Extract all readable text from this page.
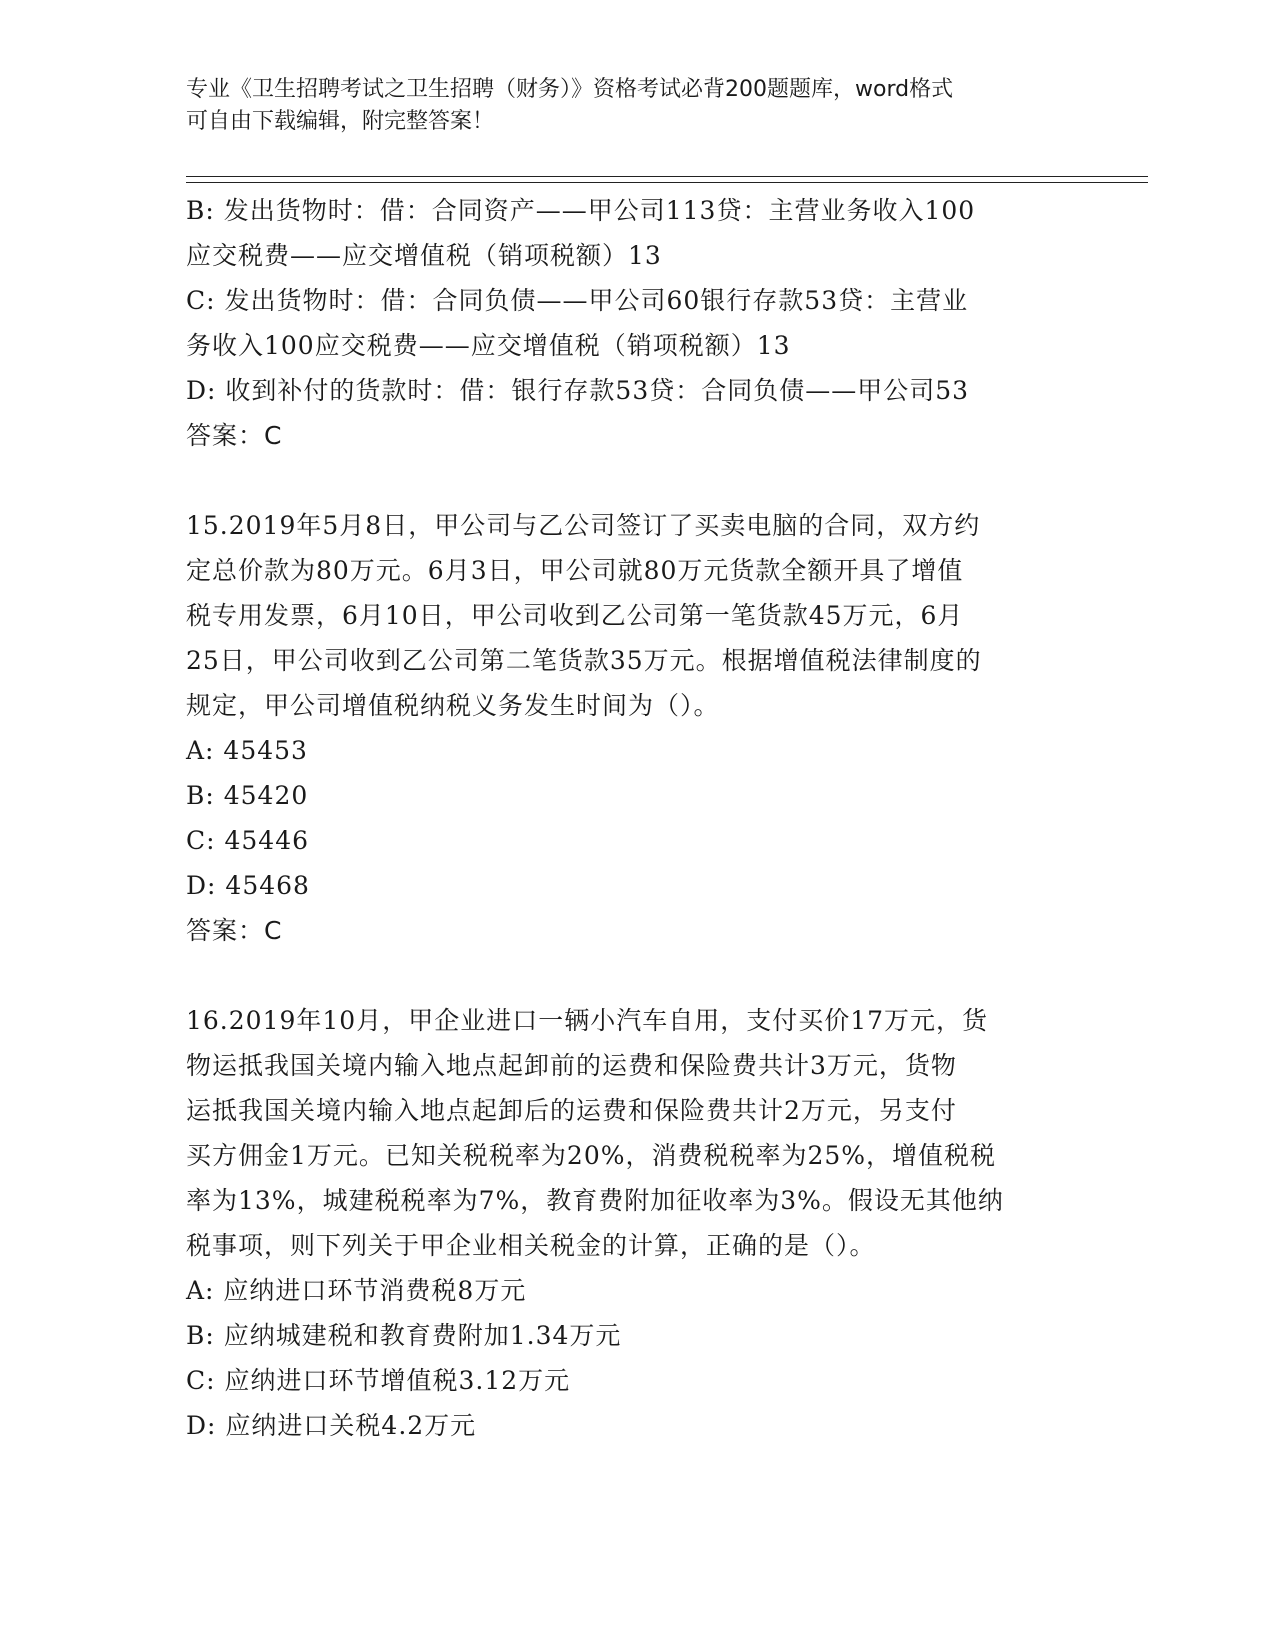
专业《卫生招聘考试之卫生招聘（财务）》资格考试必背200题题库，word格式
可自由下载编辑，附完整答案！
B: 发出货物时：借：合同资产——甲公司113贷：主营业务收入100
应交税费——应交增值税（销项税额）13
C: 发出货物时：借：合同负债——甲公司60银行存款53贷：主营业
务收入100应交税费——应交增值税（销项税额）13
D: 收到补付的货款时：借：银行存款53贷：合同负债——甲公司53
答案：C
15.2019年5月8日，甲公司与乙公司签订了买卖电脑的合同，双方约
定总价款为80万元。6月3日，甲公司就80万元货款全额开具了增值
税专用发票，6月10日，甲公司收到乙公司第一笔货款45万元，6月
25日，甲公司收到乙公司第二笔货款35万元。根据增值税法律制度的
规定，甲公司增值税纳税义务发生时间为（）。
A: 45453
B: 45420
C: 45446
D: 45468
答案：C
16.2019年10月，甲企业进口一辆小汽车自用，支付买价17万元，货
物运抵我国关境内输入地点起卸前的运费和保险费共计3万元，货物
运抵我国关境内输入地点起卸后的运费和保险费共计2万元，另支付
买方佣金1万元。已知关税税率为20%，消费税税率为25%，增值税税
率为13%，城建税税率为7%，教育费附加征收率为3%。假设无其他纳
税事项，则下列关于甲企业相关税金的计算，正确的是（）。
A: 应纳进口环节消费税8万元
B: 应纳城建税和教育费附加1.34万元
C: 应纳进口环节增值税3.12万元
D: 应纳进口关税4.2万元
